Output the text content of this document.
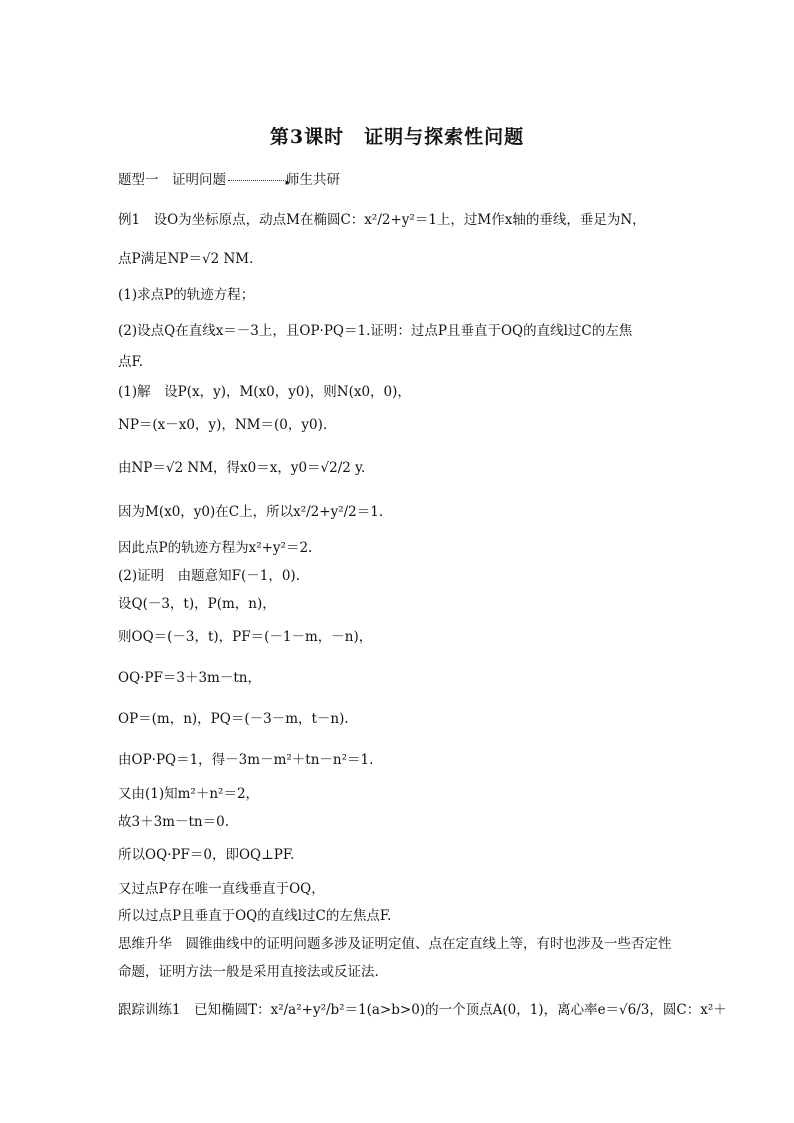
第3课时　证明与探索性问题
题型一　证明问题▸	师生共研
例1　设O为坐标原点，动点M在椭圆C：x²/2+y²＝1上，过M作x轴的垂线，垂足为N，
点P满足NP＝√2 NM.
(1)求点P的轨迹方程；
(2)设点Q在直线x＝－3上，且OP·PQ＝1.证明：过点P且垂直于OQ的直线l过C的左焦
点F.
(1)解　设P(x，y)，M(x0，y0)，则N(x0，0)，
NP＝(x－x0，y)，NM＝(0，y0).
由NP＝√2 NM，得x0＝x，y0＝√2/2 y.
因为M(x0，y0)在C上，所以x²/2+y²/2＝1.
因此点P的轨迹方程为x²+y²＝2.
(2)证明　由题意知F(－1，0).
设Q(－3，t)，P(m，n)，
则OQ＝(－3，t)，PF＝(－1－m，－n)，
OQ·PF＝3＋3m－tn，
OP＝(m，n)，PQ＝(－3－m，t－n).
由OP·PQ＝1，得－3m－m²＋tn－n²＝1.
又由(1)知m²＋n²＝2，
故3＋3m－tn＝0.
所以OQ·PF＝0，即OQ⊥PF.
又过点P存在唯一直线垂直于OQ，
所以过点P且垂直于OQ的直线l过C的左焦点F.
思维升华　圆锥曲线中的证明问题多涉及证明定值、点在定直线上等，有时也涉及一些否定性
命题，证明方法一般是采用直接法或反证法.
跟踪训练1　已知椭圆T：x²/a²+y²/b²＝1(a>b>0)的一个顶点A(0，1)，离心率e＝√6/3，圆C：x²＋
